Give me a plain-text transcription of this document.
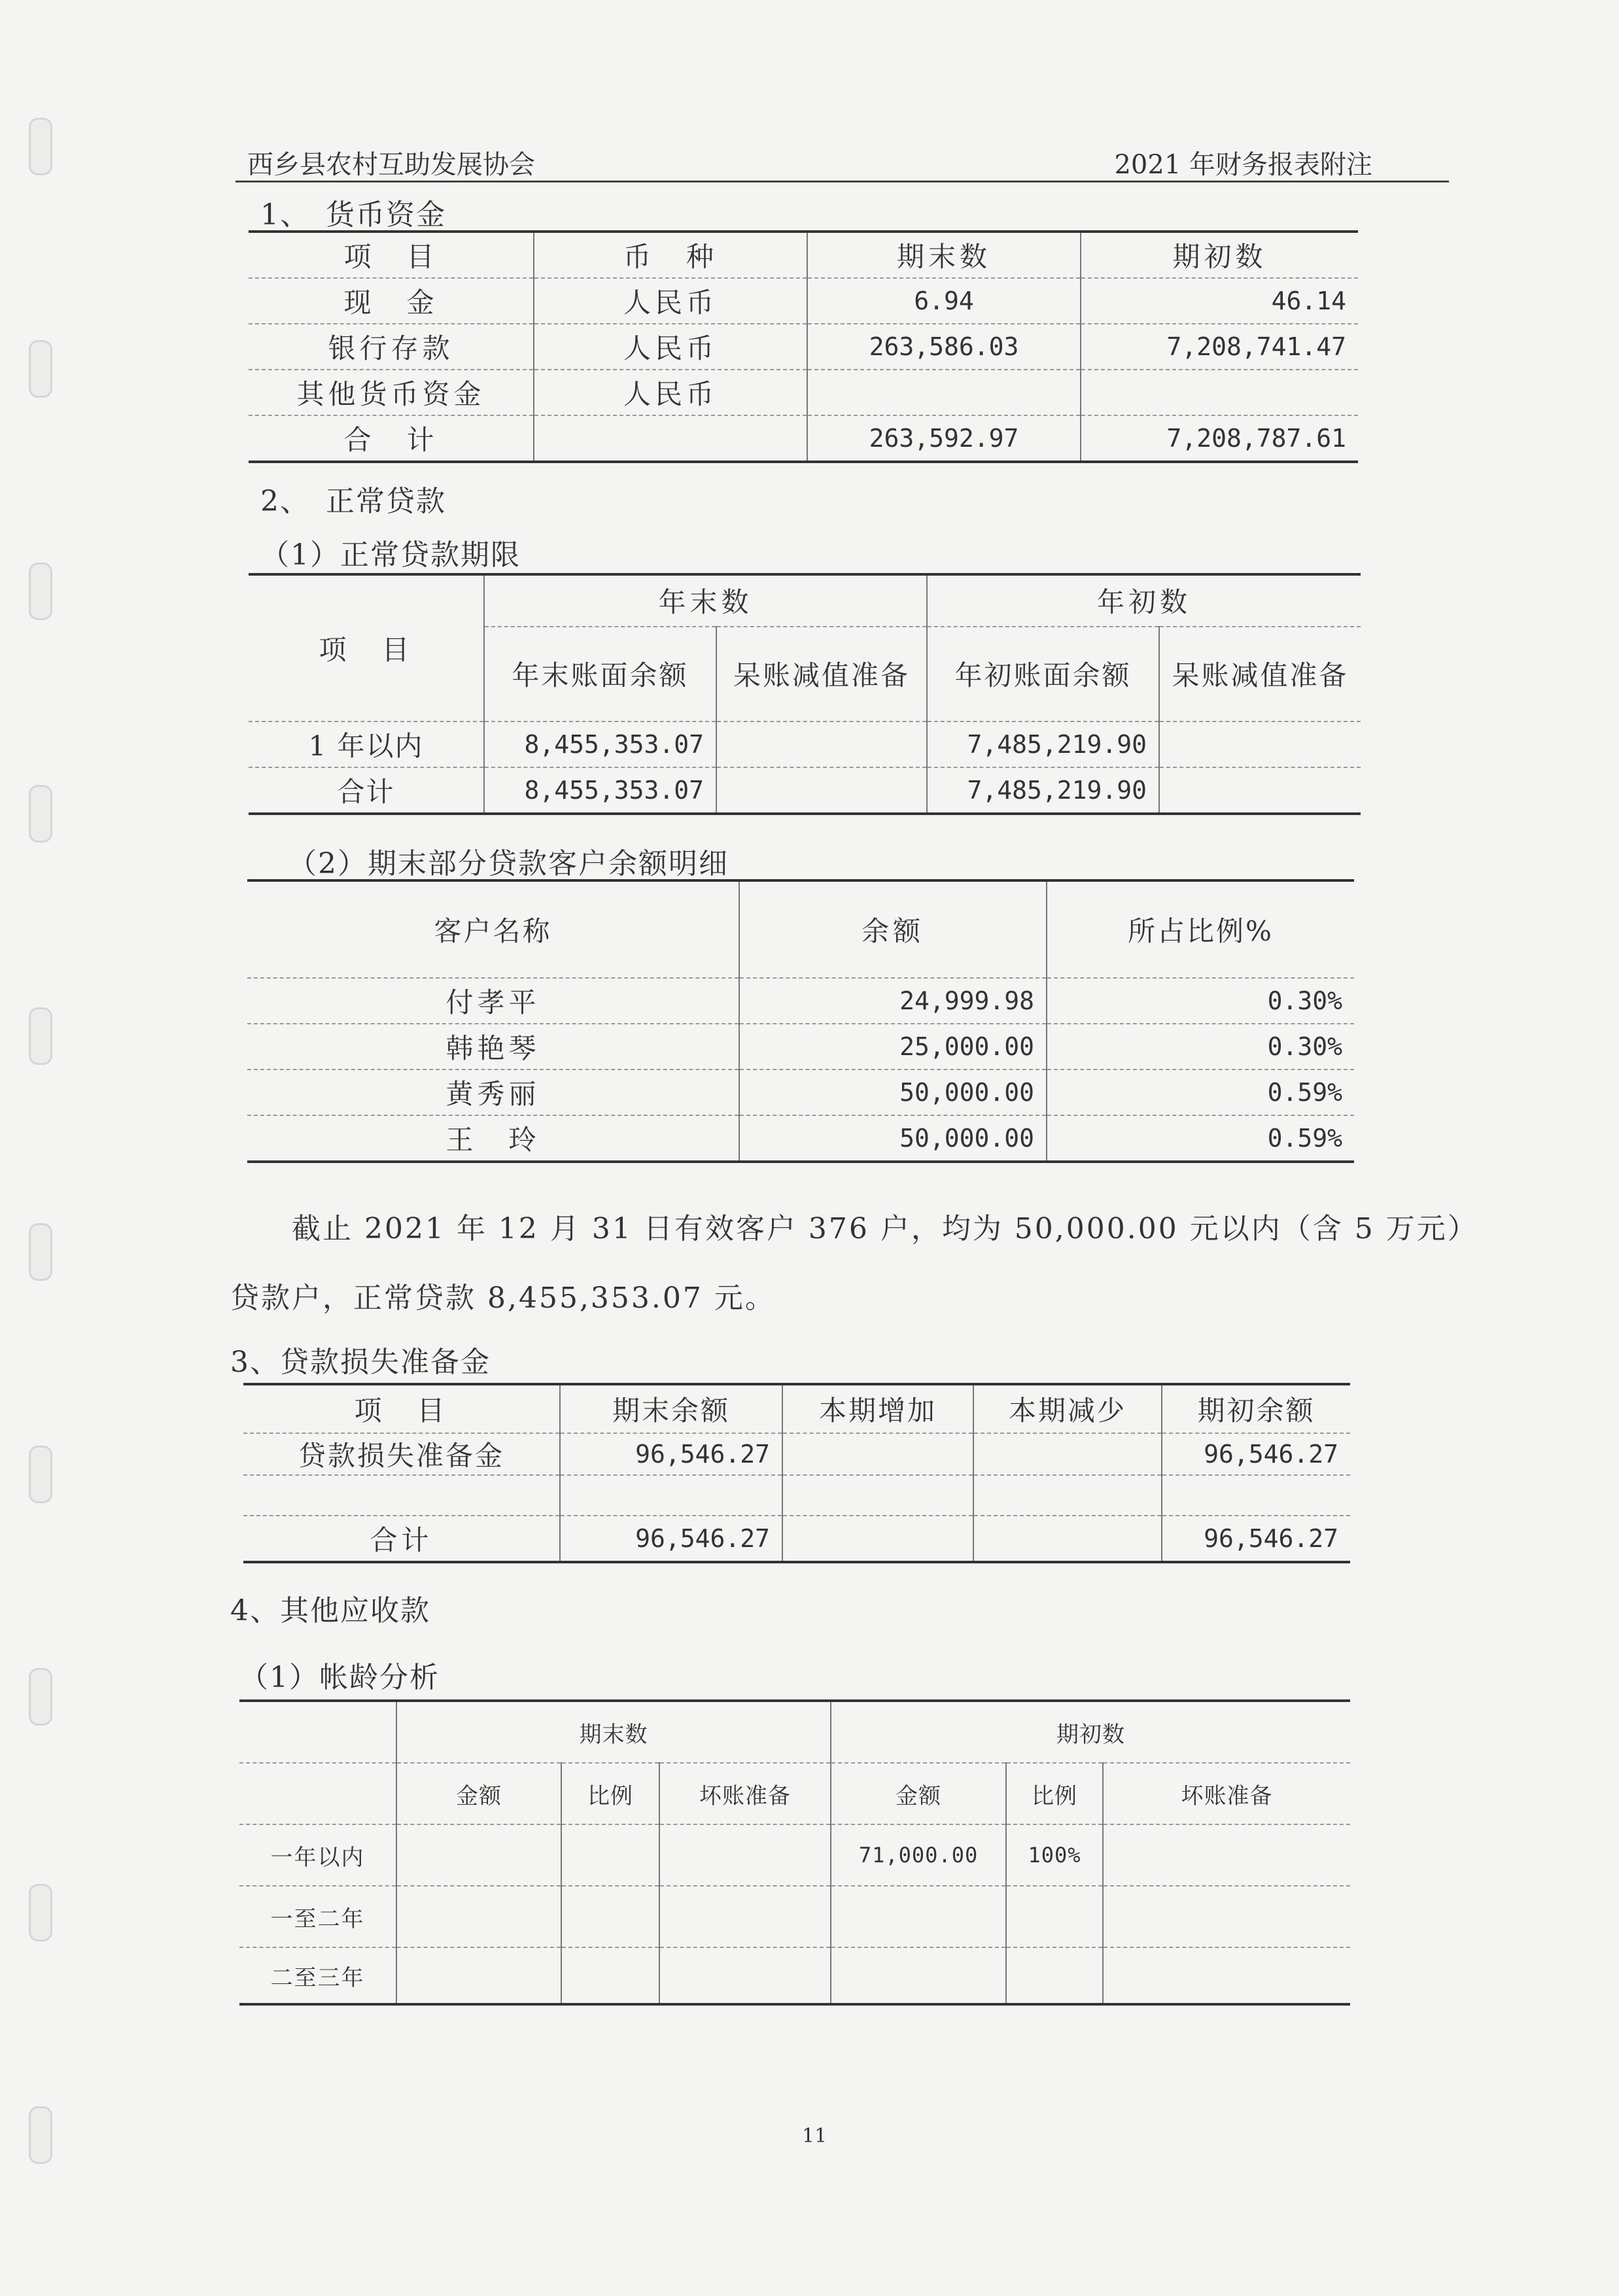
西乡县农村互助发展协会	2021 年财务报表附注
1、　货币资金
项　目	币　种	期末数	期初数
现　金	人民币	6.94	46.14
银行存款	人民币	263,586.03	7,208,741.47
其他货币资金	人民币		
合　计		263,592.97	7,208,787.61
2、　正常贷款
（1）正常贷款期限
项　目	年末数		年初数	
	年末账面余额	呆账减值准备	年初账面余额	呆账减值准备
1 年以内	8,455,353.07		7,485,219.90	
合计	8,455,353.07		7,485,219.90	
（2）期末部分贷款客户余额明细
客户名称	余额	所占比例%
付孝平	24,999.98	0.30%
韩艳琴	25,000.00	0.30%
黄秀丽	50,000.00	0.59%
王　玲	50,000.00	0.59%
截止 2021 年 12 月 31 日有效客户 376 户，均为 50,000.00 元以内（含 5 万元）
贷款户，正常贷款 8,455,353.07 元。
3、贷款损失准备金
项　目	期末余额	本期增加	本期减少	期初余额
贷款损失准备金	96,546.27			96,546.27

合计	96,546.27			96,546.27
4、其他应收款
（1）帐龄分析
	期末数			期初数		
	金额	比例	坏账准备	金额	比例	坏账准备
一年以内				71,000.00	100%	
一至二年						
二至三年						
11
